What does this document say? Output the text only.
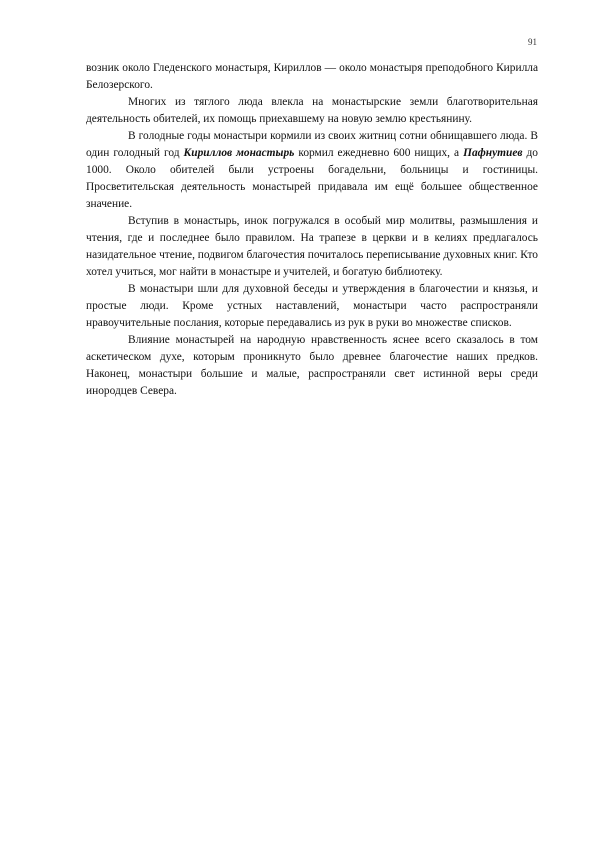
91

возник около Гледенского монастыря, Кириллов — около монастыря преподобного Кирилла Белозерского.

Многих из тяглого люда влекла на монастырские земли благотворительная деятельность обителей, их помощь приехавшему на новую землю крестьянину.

В голодные годы монастыри кормили из своих житниц сотни обнищавшего люда. В один голодный год Кириллов монастырь кормил ежедневно 600 нищих, а Пафнутиев до 1000. Около обителей были устроены богадельни, больницы и гостиницы. Просветительская деятельность монастырей придавала им ещё большее общественное значение.

Вступив в монастырь, инок погружался в особый мир молитвы, размышления и чтения, где и последнее было правилом. На трапезе в церкви и в келиях предлагалось назидательное чтение, подвигом благочестия почиталось переписывание духовных книг. Кто хотел учиться, мог найти в монастыре и учителей, и богатую библиотеку.

В монастыри шли для духовной беседы и утверждения в благочестии и князья, и простые люди. Кроме устных наставлений, монастыри часто распространяли нравоучительные послания, которые передавались из рук в руки во множестве списков.

Влияние монастырей на народную нравственность яснее всего сказалось в том аскетическом духе, которым проникнуто было древнее благочестие наших предков. Наконец, монастыри большие и малые, распространяли свет истинной веры среди инородцев Севера.
